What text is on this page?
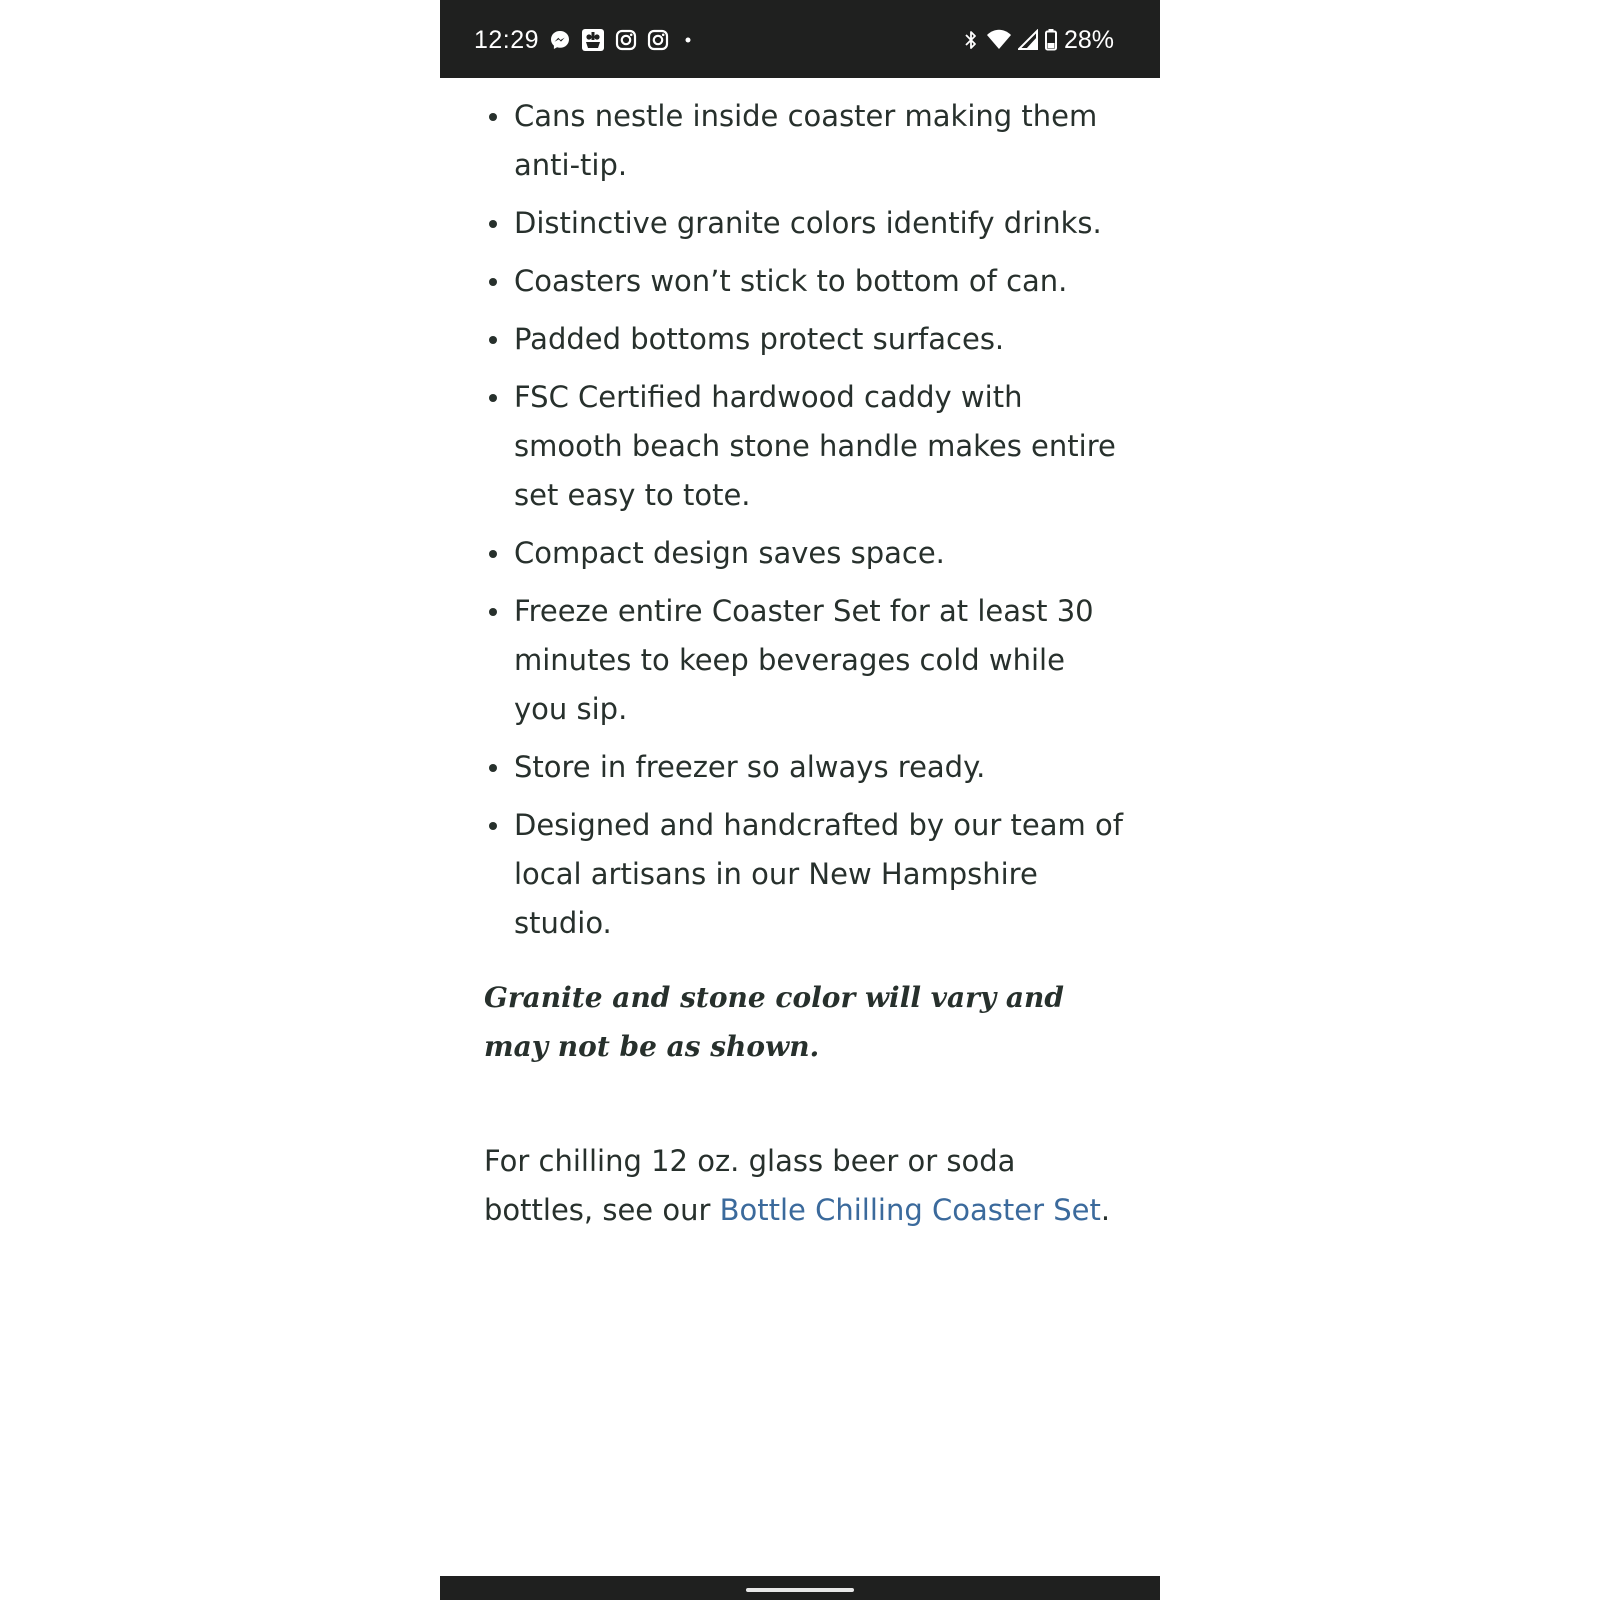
12:29	28%
Cans nestle inside coaster making them anti-tip.
Distinctive granite colors identify drinks.
Coasters won’t stick to bottom of can.
Padded bottoms protect surfaces.
FSC Certified hardwood caddy with smooth beach stone handle makes entire set easy to tote.
Compact design saves space.
Freeze entire Coaster Set for at least 30 minutes to keep beverages cold while you sip.
Store in freezer so always ready.
Designed and handcrafted by our team of local artisans in our New Hampshire studio.
Granite and stone color will vary and may not be as shown.
For chilling 12 oz. glass beer or soda bottles, see our Bottle Chilling Coaster Set.
